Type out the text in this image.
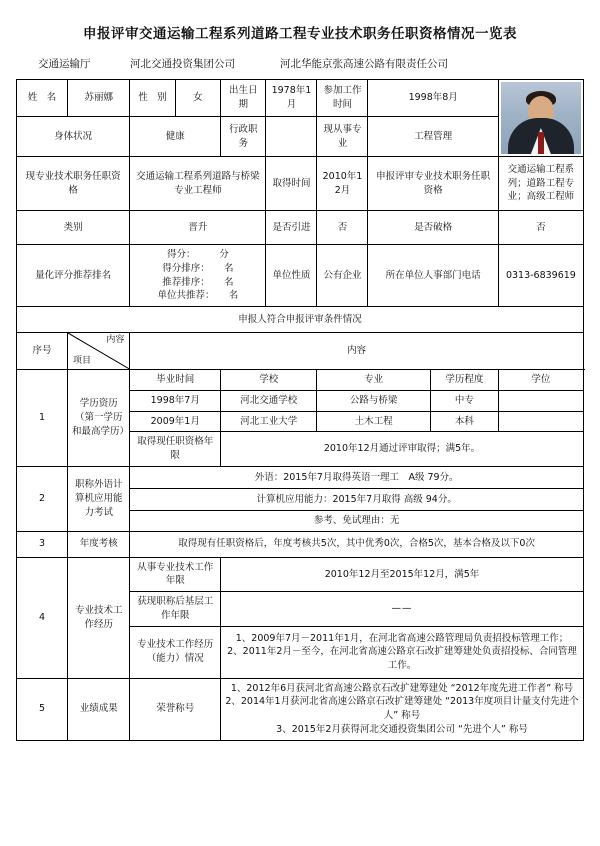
申报评审交通运输工程系列道路工程专业技术职务任职资格情况一览表
交通运输厅	河北交通投资集团公司	河北华能京张高速公路有限责任公司
姓　名	苏丽娜	性　别	女	出生日期	1978年1月	参加工作时间	1998年8月		

身体状况		健康		行政职务		现从事专业	工程管理		
现专业技术职务任职资格		交通运输工程系列道路与桥梁专业工程师			取得时间	2010年12月	申报评审专业技术职务任职资格		交通运输工程系列；道路工程专业；高级工程师
类别		晋升			是否引进	否	是否破格		否
量化评分推荐排名		得分：　　　分
得分排序：　　名
推荐排序：　　名
单位共推荐：　　名			单位性质	公有企业	所在单位人事部门电话		0313-6839619
申报人符合申报评审条件情况									
序号	内容
项目	内容							
1	学历资历（第一学历和最高学历）	毕业时间		学校		专业		学历程度	学位
		1998年7月		河北交通学校		公路与桥梁		中专	
		2009年1月		河北工业大学		土木工程		本科	
		取得现任职资格年限		2010年12月通过评审取得；满5年。					
2	职称外语计算机应用能力考试	外语：2015年7月取得英语一理工　A级 79分。							
		计算机应用能力：2015年7月取得 高级 94分。							
		参考、免试理由：无							
3	年度考核	取得现有任职资格后，年度考核共5次，其中优秀0次，合格5次，基本合格及以下0次							
4	专业技术工作经历	从事专业技术工作年限		2010年12月至2015年12月，满5年					
		获现职称后基层工作年限		——					
		专业技术工作经历（能力）情况		1、2009年7月－2011年1月，在河北省高速公路管理局负责招投标管理工作；
2、2011年2月－至今，在河北省高速公路京石改扩建筹建处负责招投标、合同管理工作。					

5	业绩成果	荣誉称号		1、2012年6月获河北省高速公路京石改扩建筹建处 “2012年度先进工作者” 称号
2、2014年1月获河北省高速公路京石改扩建筹建处 “2013年度项目计量支付先进个人” 称号
3、2015年2月获得河北交通投资集团公司 “先进个人” 称号					
